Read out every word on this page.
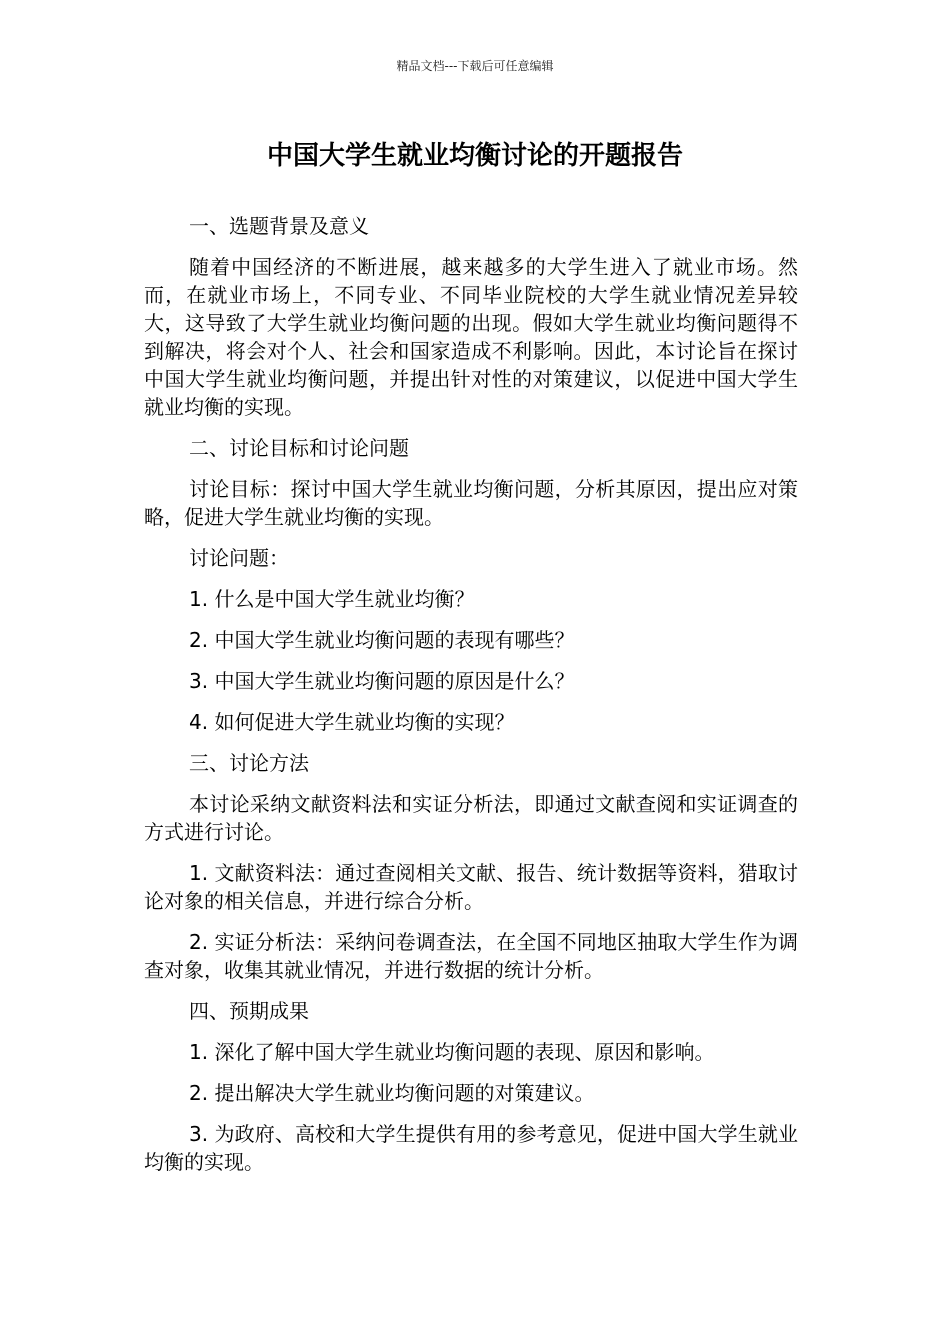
精品文档---下载后可任意编辑
中国大学生就业均衡讨论的开题报告

一、选题背景及意义

随着中国经济的不断进展，越来越多的大学生进入了就业市场。然而，在就业市场上，不同专业、不同毕业院校的大学生就业情况差异较大，这导致了大学生就业均衡问题的出现。假如大学生就业均衡问题得不到解决，将会对个人、社会和国家造成不利影响。因此，本讨论旨在探讨中国大学生就业均衡问题，并提出针对性的对策建议，以促进中国大学生就业均衡的实现。

二、讨论目标和讨论问题

讨论目标：探讨中国大学生就业均衡问题，分析其原因，提出应对策略，促进大学生就业均衡的实现。

讨论问题：

1. 什么是中国大学生就业均衡？

2. 中国大学生就业均衡问题的表现有哪些？

3. 中国大学生就业均衡问题的原因是什么？

4. 如何促进大学生就业均衡的实现？

三、讨论方法

本讨论采纳文献资料法和实证分析法，即通过文献查阅和实证调查的方式进行讨论。

1. 文献资料法：通过查阅相关文献、报告、统计数据等资料，猎取讨论对象的相关信息，并进行综合分析。

2. 实证分析法：采纳问卷调查法，在全国不同地区抽取大学生作为调查对象，收集其就业情况，并进行数据的统计分析。

四、预期成果

1. 深化了解中国大学生就业均衡问题的表现、原因和影响。

2. 提出解决大学生就业均衡问题的对策建议。

3. 为政府、高校和大学生提供有用的参考意见，促进中国大学生就业均衡的实现。
